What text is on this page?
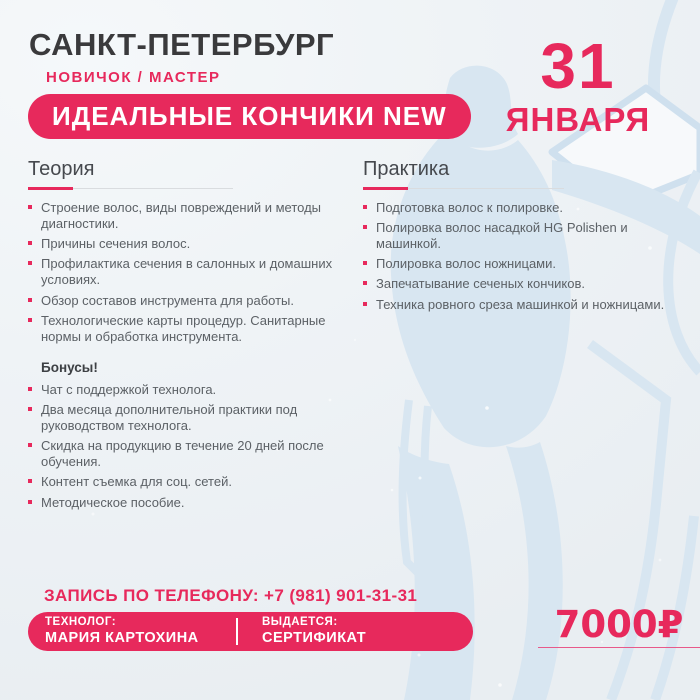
САНКТ-ПЕТЕРБУРГ
НОВИЧОК / МАСТЕР
ИДЕАЛЬНЫЕ КОНЧИКИ NEW
31
ЯНВАРЯ
Теория
Строение волос, виды повреждений и методы диагностики.
Причины сечения волос.
Профилактика сечения в салонных и домашних условиях.
Обзор составов инструмента для работы.
Технологические карты процедур. Санитарные нормы и обработка инструмента.
Бонусы!
Чат с поддержкой технолога.
Два месяца дополнительной практики под руководством технолога.
Скидка на продукцию в течение 20 дней после обучения.
Контент съемка для соц. сетей.
Методическое пособие.
Практика
Подготовка волос к полировке.
Полировка волос насадкой HG Polishen и машинкой.
Полировка волос ножницами.
Запечатывание сеченых кончиков.
Техника ровного среза машинкой и ножницами.
ЗАПИСЬ ПО ТЕЛЕФОНУ: +7 (981) 901-31-31
ТЕХНОЛОГ:
МАРИЯ КАРТОХИНА
ВЫДАЕТСЯ:
СЕРТИФИКАТ	7000₽
